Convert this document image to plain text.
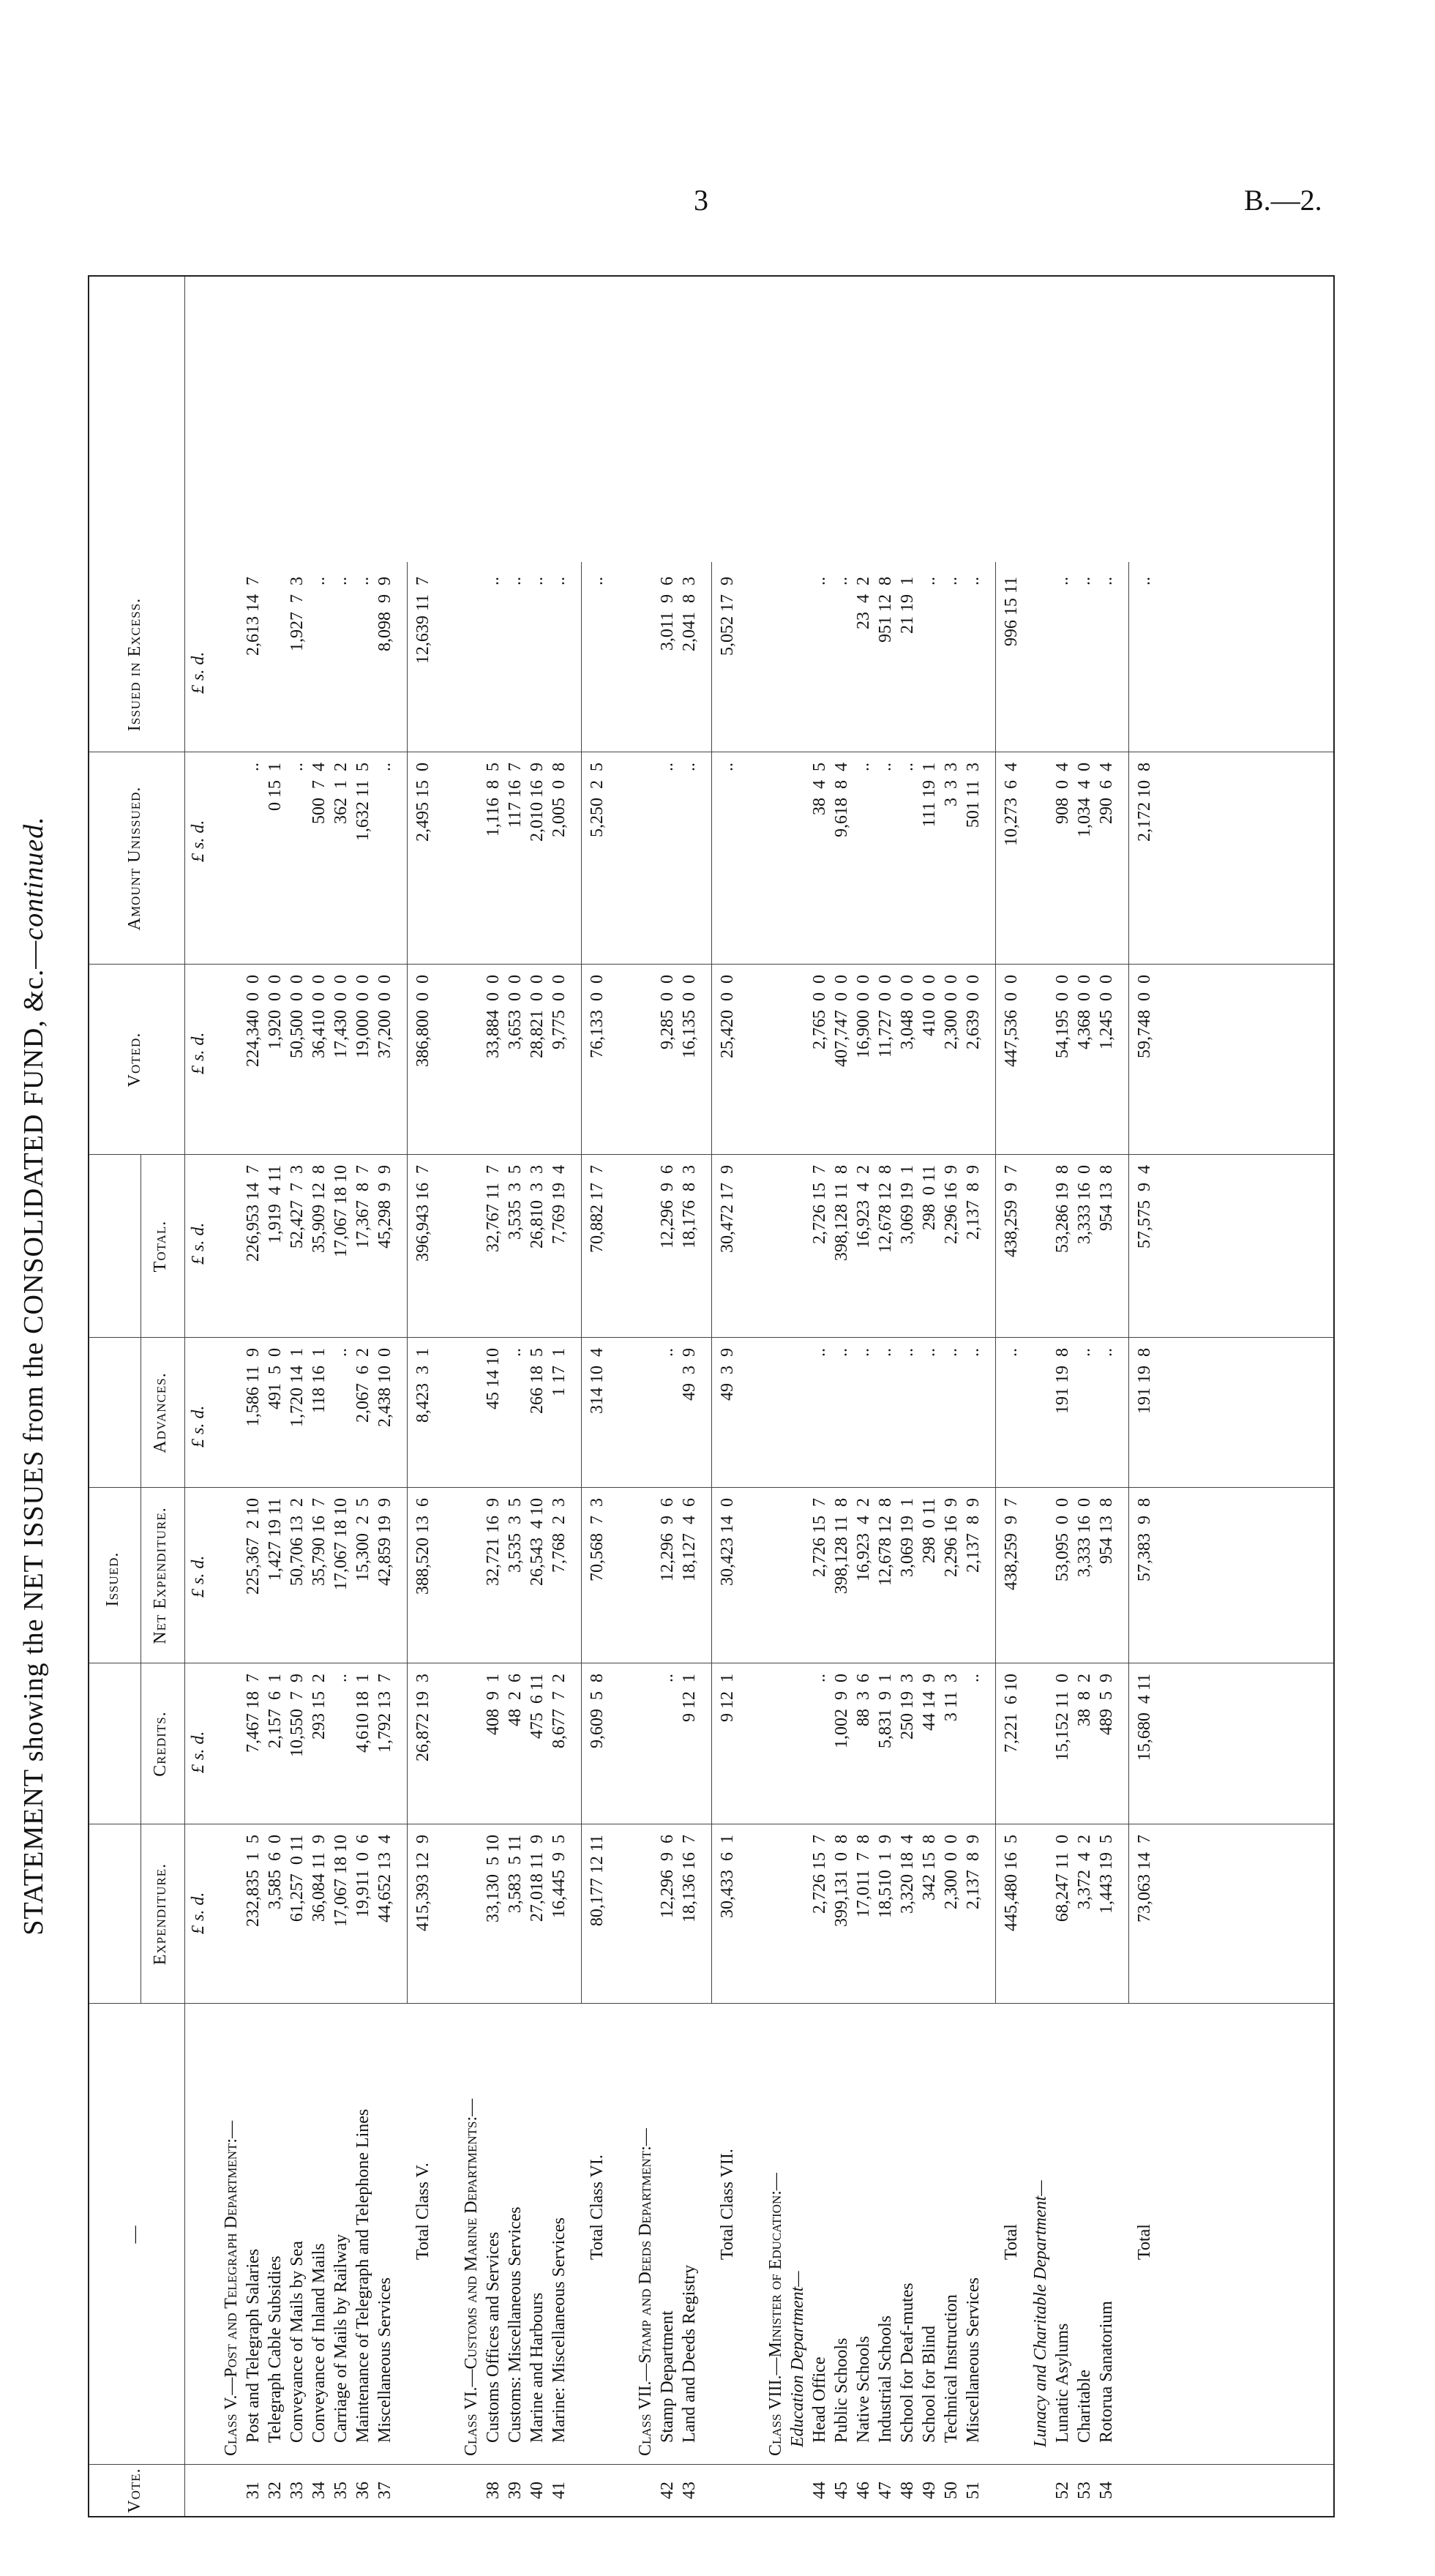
3	B.—2.
STATEMENT showing the NET ISSUES from the CONSOLIDATED FUND, &c.—continued.
Vote.
—
Issued.
Expenditure.
Credits.
Net Expenditure.
Advances.
Total.
Voted.
Amount Unissued.
Issued in Excess.
£ s. d.
£ s. d.
£ s. d.
£ s. d.
£ s. d.
£ s. d.
£ s. d.
£ s. d.
Class V.—Post and Telegraph Department:—
31
Post and Telegraph Salaries
232,835  1  5
7,467 18  7
225,367  2 10
1,586 11  9
226,953 14  7
224,340  0  0
..
2,613 14  7
32
Telegraph Cable Subsidies
3,585  6  0
2,157  6  1
1,427 19 11
491  5  0
1,919  4 11
1,920  0  0
0 15  1
33
Conveyance of Mails by Sea
61,257  0 11
10,550  7  9
50,706 13  2
1,720 14  1
52,427  7  3
50,500  0  0
..
1,927  7  3
34
Conveyance of Inland Mails
36,084 11  9
293 15  2
35,790 16  7
118 16  1
35,909 12  8
36,410  0  0
500  7  4
..
35
Carriage of Mails by Railway
17,067 18 10
..
17,067 18 10
..
17,067 18 10
17,430  0  0
362  1  2
..
36
Maintenance of Telegraph and Telephone Lines
19,911  0  6
4,610 18  1
15,300  2  5
2,067  6  2
17,367  8  7
19,000  0  0
1,632 11  5
..
37
Miscellaneous Services
44,652 13  4
1,792 13  7
42,859 19  9
2,438 10  0
45,298  9  9
37,200  0  0
..
8,098  9  9
Total Class V.
415,393 12  9
26,872 19  3
388,520 13  6
8,423  3  1
396,943 16  7
386,800  0  0
2,495 15  0
12,639 11  7
Class VI.—Customs and Marine Departments:—
38
Customs Offices and Services
33,130  5 10
408  9  1
32,721 16  9
45 14 10
32,767 11  7
33,884  0  0
1,116  8  5
..
39
Customs: Miscellaneous Services
3,583  5 11
48  2  6
3,535  3  5
..
3,535  3  5
3,653  0  0
117 16  7
..
40
Marine and Harbours
27,018 11  9
475  6 11
26,543  4 10
266 18  5
26,810  3  3
28,821  0  0
2,010 16  9
..
41
Marine: Miscellaneous Services
16,445  9  5
8,677  7  2
7,768  2  3
1 17  1
7,769 19  4
9,775  0  0
2,005  0  8
..
Total Class VI.
80,177 12 11
9,609  5  8
70,568  7  3
314 10  4
70,882 17  7
76,133  0  0
5,250  2  5
..
Class VII.—Stamp and Deeds Department:—
42
Stamp Department
12,296  9  6
..
12,296  9  6
..
12,296  9  6
9,285  0  0
..
3,011  9  6
43
Land and Deeds Registry
18,136 16  7
9 12  1
18,127  4  6
49  3  9
18,176  8  3
16,135  0  0
..
2,041  8  3
Total Class VII.
30,433  6  1
9 12  1
30,423 14  0
49  3  9
30,472 17  9
25,420  0  0
..
5,052 17  9
Class VIII.—Minister of Education:— Education Department—
44
Head Office
2,726 15  7
..
2,726 15  7
..
2,726 15  7
2,765  0  0
38  4  5
..
45
Public Schools
399,131  0  8
1,002  9  0
398,128 11  8
..
398,128 11  8
407,747  0  0
9,618  8  4
..
46
Native Schools
17,011  7  8
88  3  6
16,923  4  2
..
16,923  4  2
16,900  0  0
..
23  4  2
47
Industrial Schools
18,510  1  9
5,831  9  1
12,678 12  8
..
12,678 12  8
11,727  0  0
..
951 12  8
48
School for Deaf-mutes
3,320 18  4
250 19  3
3,069 19  1
..
3,069 19  1
3,048  0  0
..
21 19  1
49
School for Blind
342 15  8
44 14  9
298  0 11
..
298  0 11
410  0  0
111 19  1
..
50
Technical Instruction
2,300  0  0
3 11  3
2,296 16  9
..
2,296 16  9
2,300  0  0
3  3  3
..
51
Miscellaneous Services
2,137  8  9
..
2,137  8  9
..
2,137  8  9
2,639  0  0
501 11  3
..
Total
445,480 16  5
7,221  6 10
438,259  9  7
..
438,259  9  7
447,536  0  0
10,273  6  4
996 15 11
Lunacy and Charitable Department—
52
Lunatic Asylums
68,247 11  0
15,152 11  0
53,095  0  0
191 19  8
53,286 19  8
54,195  0  0
908  0  4
..
53
Charitable
3,372  4  2
38  8  2
3,333 16  0
..
3,333 16  0
4,368  0  0
1,034  4  0
..
54
Rotorua Sanatorium
1,443 19  5
489  5  9
954 13  8
..
954 13  8
1,245  0  0
290  6  4
..
Total
73,063 14  7
15,680  4 11
57,383  9  8
191 19  8
57,575  9  4
59,748  0  0
2,172 10  8
..
